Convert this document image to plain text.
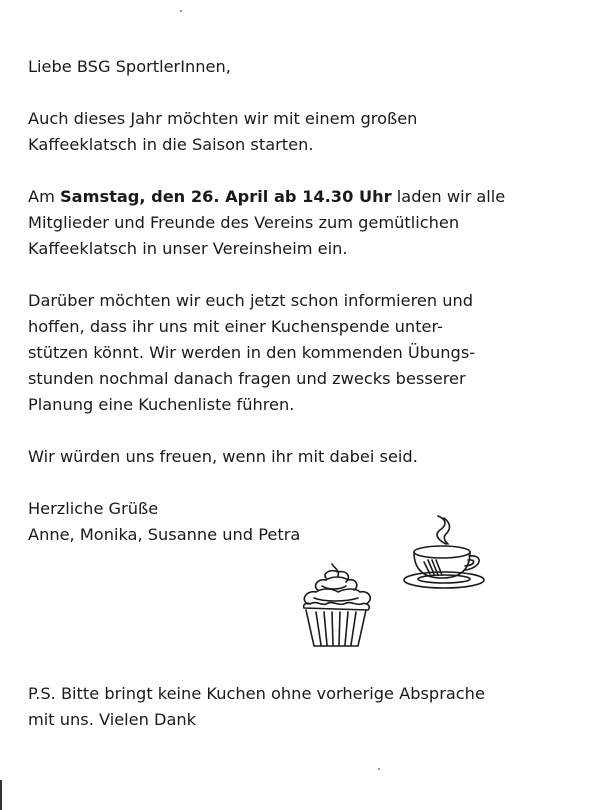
Liebe BSG SportlerInnen,

Auch dieses Jahr möchten wir mit einem großen
Kaffeeklatsch in die Saison starten.

Am Samstag, den 26. April ab 14.30 Uhr laden wir alle
Mitglieder und Freunde des Vereins zum gemütlichen
Kaffeeklatsch in unser Vereinsheim ein.

Darüber möchten wir euch jetzt schon informieren und
hoffen, dass ihr uns mit einer Kuchenspende unter-
stützen könnt. Wir werden in den kommenden Übungs-
stunden nochmal danach fragen und zwecks besserer
Planung eine Kuchenliste führen.

Wir würden uns freuen, wenn ihr mit dabei seid.

Herzliche Grüße
Anne, Monika, Susanne und Petra

P.S. Bitte bringt keine Kuchen ohne vorherige Absprache
mit uns. Vielen Dank
